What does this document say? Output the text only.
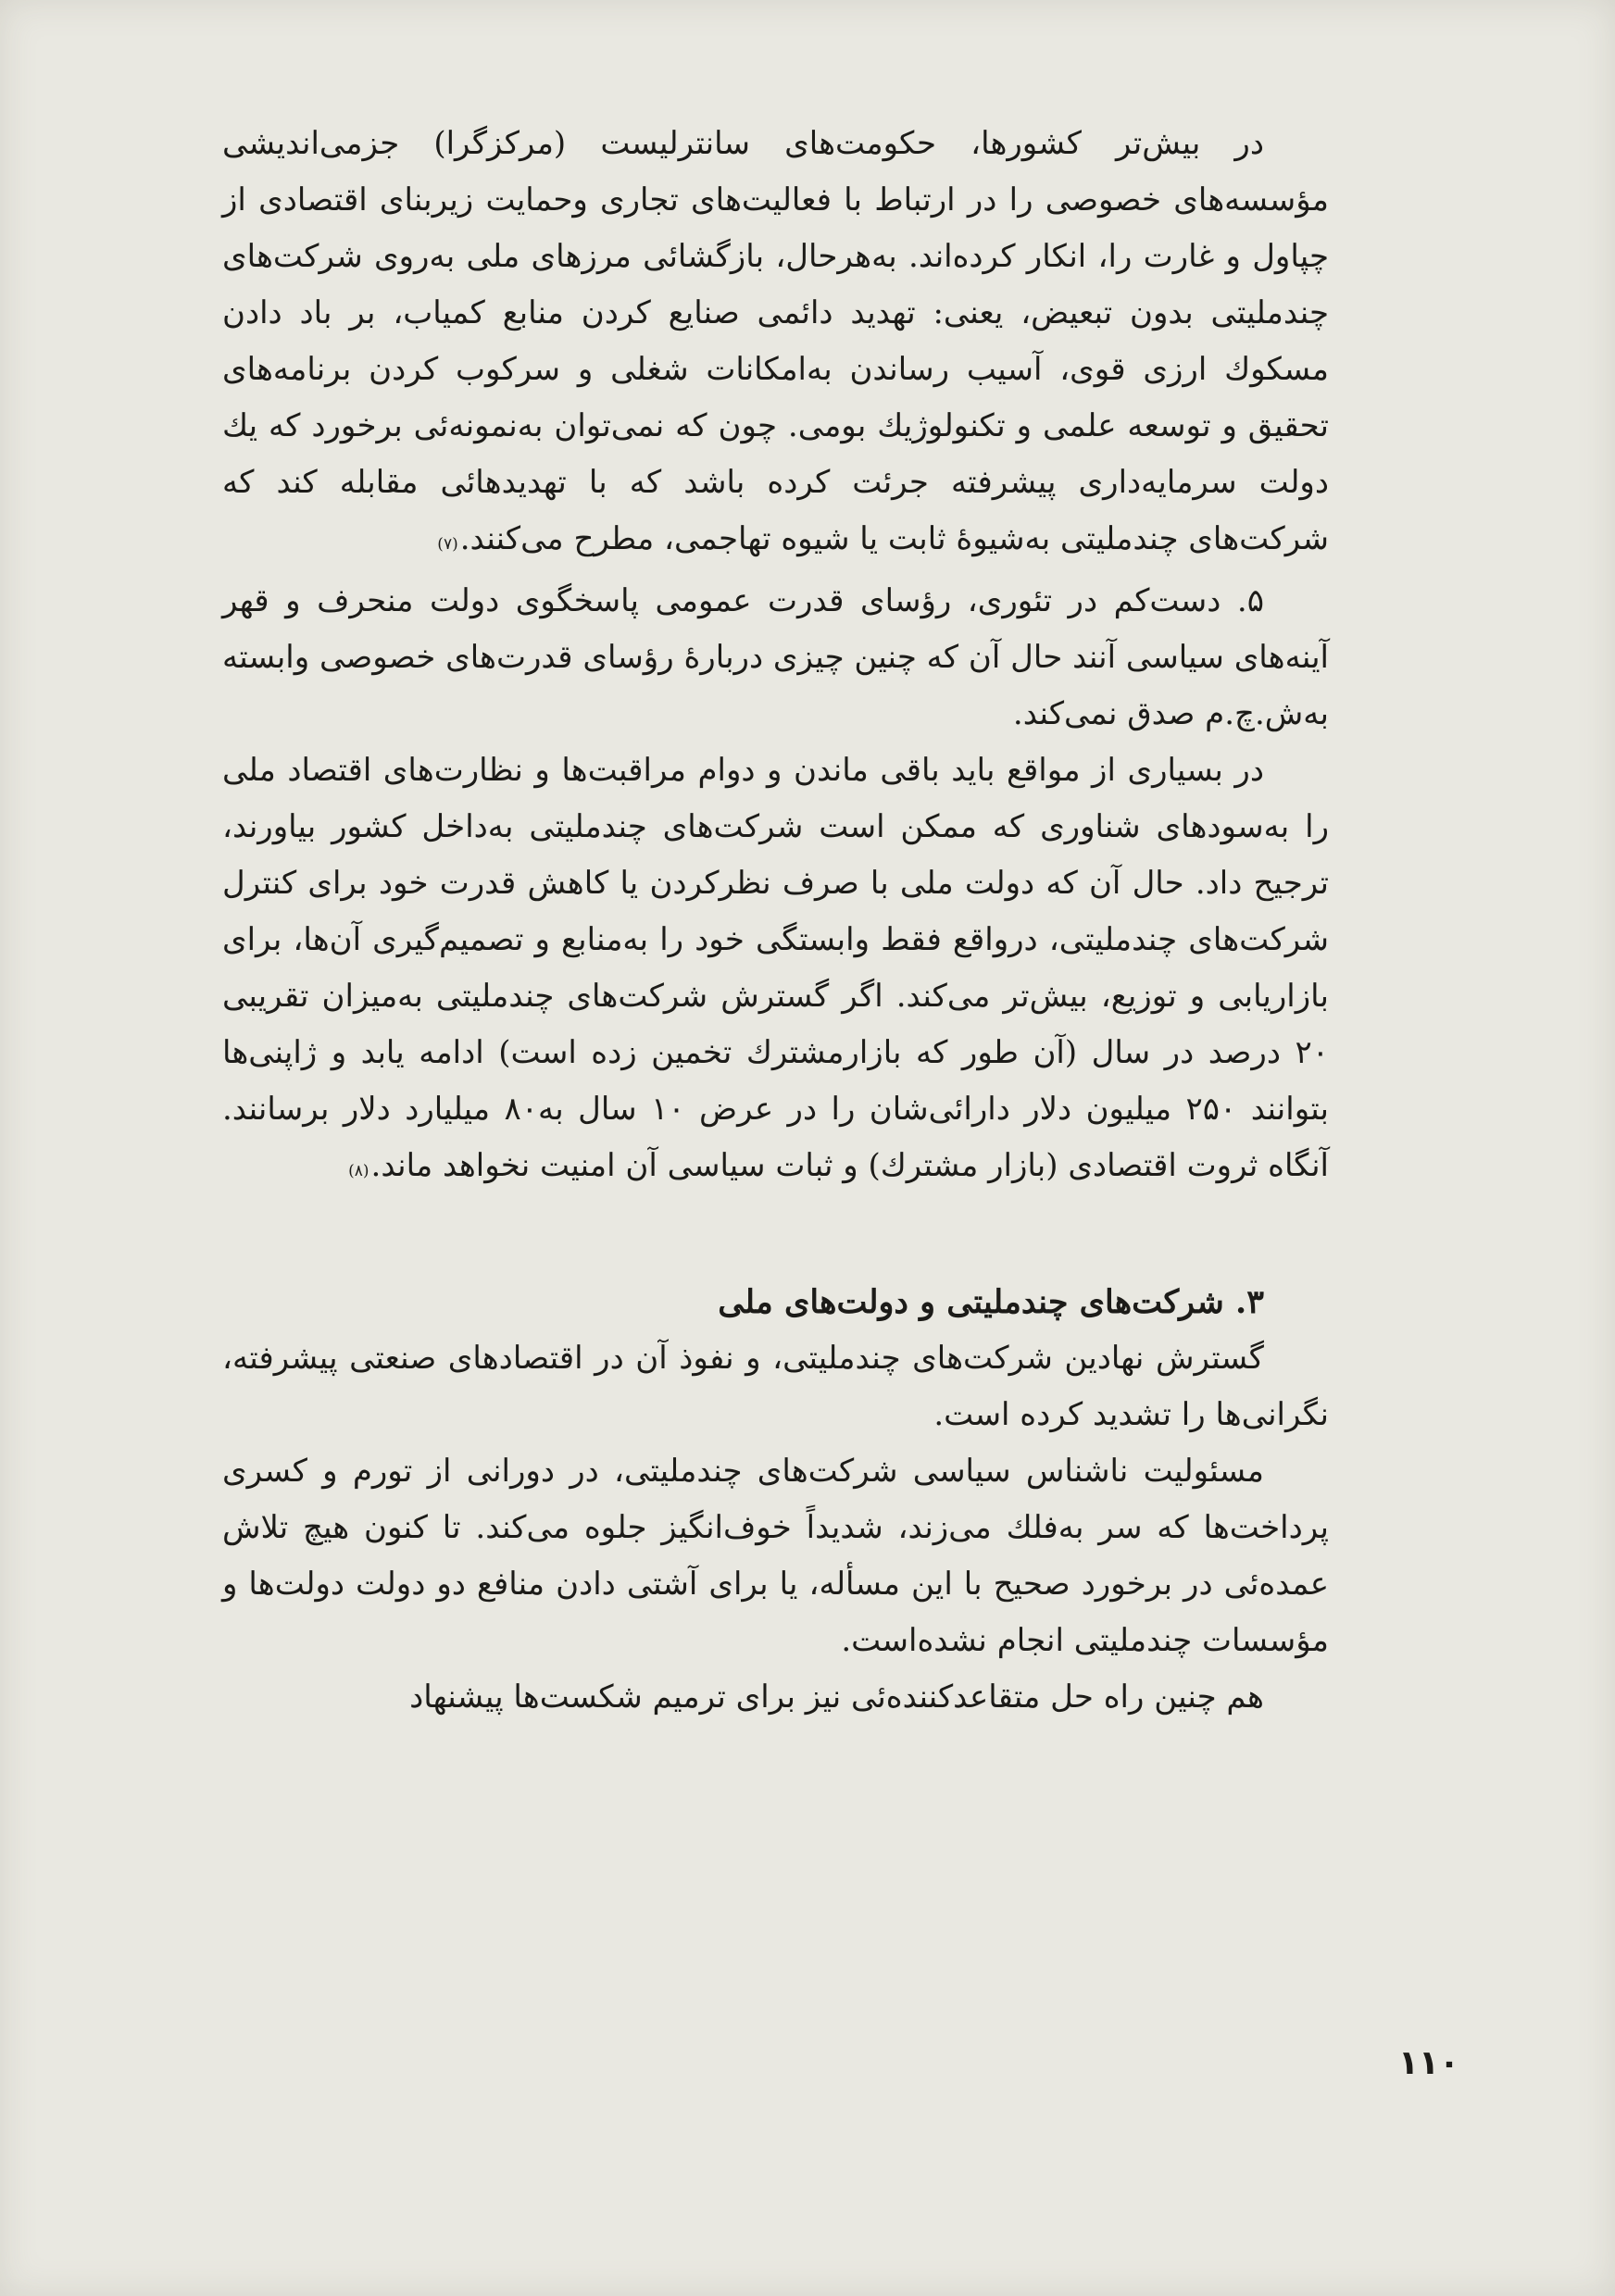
در بیش‌تر کشورها، حکومت‌های سانترلیست (مرکزگرا) جزمی‌اندیشی مؤسسه‌های خصوصی را در ارتباط با فعالیت‌های تجاری وحمایت زیربنای اقتصادی از چپاول و غارت را، انکار کرده‌اند. به‌هرحال، بازگشائی مرزهای ملی به‌روی شرکت‌های چندملیتی بدون تبعیض، یعنی: تهدید دائمی صنایع کردن منابع کمیاب، بر باد دادن مسکوك ارزی قوی، آسیب رساندن به‌امکانات شغلی و سرکوب کردن برنامه‌های تحقیق و توسعه علمی و تکنولوژیك بومی. چون که نمی‌توان به‌نمونه‌ئی برخورد که یك دولت سرمایه‌داری پیشرفته جرئت کرده باشد که با تهدیدهائی مقابله کند که شرکت‌های چندملیتی به‌شیوهٔ ثابت یا شیوه تهاجمی، مطرح می‌کنند.(۷)

۵. دست‌کم در تئوری، رؤسای قدرت عمومی پاسخگوی دولت منحرف و قهر آینه‌های سیاسی آنند حال آن که چنین چیزی دربارهٔ رؤسای قدرت‌های خصوصی وابسته به‌ش.چ.م صدق نمی‌کند.

در بسیاری از مواقع باید باقی ماندن و دوام مراقبت‌ها و نظارت‌های اقتصاد ملی را به‌سودهای شناوری که ممکن است شرکت‌های چندملیتی به‌داخل کشور بیاورند، ترجیح داد. حال آن که دولت ملی با صرف نظرکردن یا کاهش قدرت خود برای کنترل شرکت‌های چندملیتی، درواقع فقط وابستگی خود را به‌منابع و تصمیم‌گیری آن‌ها، برای بازاریابی و توزیع، بیش‌تر می‌کند. اگر گسترش شرکت‌های چندملیتی به‌میزان تقریبی ۲۰ درصد در سال (آن طور که بازارمشترك تخمین زده است) ادامه یابد و ژاپنی‌ها بتوانند ۲۵۰ میلیون دلار دارائی‌شان را در عرض ۱۰ سال به‌۸۰ میلیارد دلار برسانند. آنگاه ثروت اقتصادی (بازار مشترك) و ثبات سیاسی آن امنیت نخواهد ماند.(۸)

۳. شرکت‌های چندملیتی و دولت‌های ملی

گسترش نهادین شرکت‌های چندملیتی، و نفوذ آن در اقتصادهای صنعتی پیشرفته، نگرانی‌ها را تشدید کرده است.

مسئولیت ناشناس سیاسی شرکت‌های چندملیتی، در دورانی از تورم و کسری پرداخت‌ها که سر به‌فلك می‌زند، شدیداً خوف‌انگیز جلوه می‌کند. تا کنون هیچ تلاش عمده‌ئی در برخورد صحیح با این مسأله، یا برای آشتی دادن منافع دو دولت دولت‌ها و مؤسسات چندملیتی انجام نشده‌است.

هم چنین راه حل متقاعدکننده‌ئی نیز برای ترمیم شکست‌ها پیشنهاد

۱۱۰
